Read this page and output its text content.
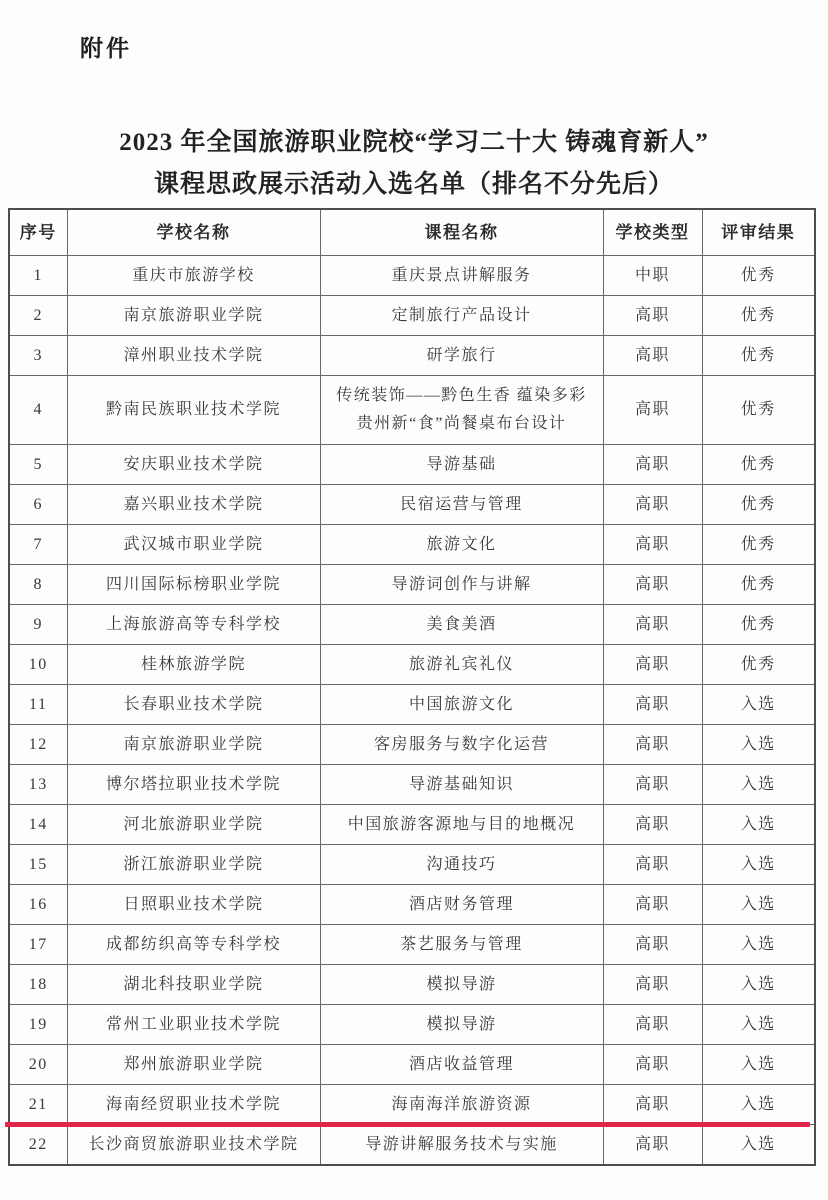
附件
2023 年全国旅游职业院校“学习二十大 铸魂育新人”
课程思政展示活动入选名单（排名不分先后）
序号	学校名称	课程名称	学校类型	评审结果
1	重庆市旅游学校	重庆景点讲解服务	中职	优秀
2	南京旅游职业学院	定制旅行产品设计	高职	优秀
3	漳州职业技术学院	研学旅行	高职	优秀
4	黔南民族职业技术学院	传统装饰——黔色生香 蕴染多彩贵州新“食”尚餐桌布台设计	高职	优秀
5	安庆职业技术学院	导游基础	高职	优秀
6	嘉兴职业技术学院	民宿运营与管理	高职	优秀
7	武汉城市职业学院	旅游文化	高职	优秀
8	四川国际标榜职业学院	导游词创作与讲解	高职	优秀
9	上海旅游高等专科学校	美食美酒	高职	优秀
10	桂林旅游学院	旅游礼宾礼仪	高职	优秀
11	长春职业技术学院	中国旅游文化	高职	入选
12	南京旅游职业学院	客房服务与数字化运营	高职	入选
13	博尔塔拉职业技术学院	导游基础知识	高职	入选
14	河北旅游职业学院	中国旅游客源地与目的地概况	高职	入选
15	浙江旅游职业学院	沟通技巧	高职	入选
16	日照职业技术学院	酒店财务管理	高职	入选
17	成都纺织高等专科学校	茶艺服务与管理	高职	入选
18	湖北科技职业学院	模拟导游	高职	入选
19	常州工业职业技术学院	模拟导游	高职	入选
20	郑州旅游职业学院	酒店收益管理	高职	入选
21	海南经贸职业技术学院	海南海洋旅游资源	高职	入选
22	长沙商贸旅游职业技术学院	导游讲解服务技术与实施	高职	入选
